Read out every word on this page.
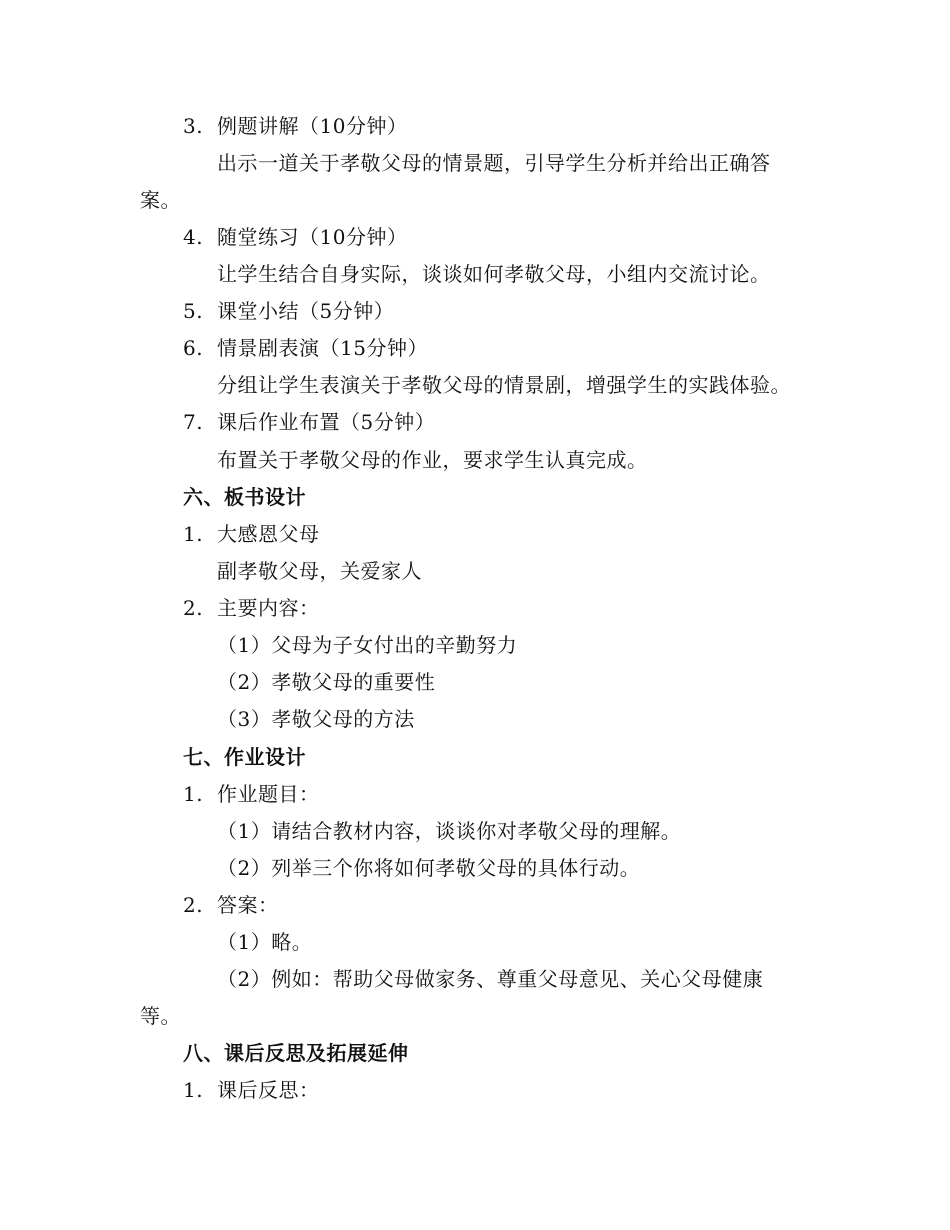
3. 例题讲解（10分钟）
出示一道关于孝敬父母的情景题，引导学生分析并给出正确答
案。
4. 随堂练习（10分钟）
让学生结合自身实际，谈谈如何孝敬父母，小组内交流讨论。
5. 课堂小结（5分钟）
6. 情景剧表演（15分钟）
分组让学生表演关于孝敬父母的情景剧，增强学生的实践体验。
7. 课后作业布置（5分钟）
布置关于孝敬父母的作业，要求学生认真完成。
六、板书设计
1. 大感恩父母
副孝敬父母，关爱家人
2. 主要内容：
（1）父母为子女付出的辛勤努力
（2）孝敬父母的重要性
（3）孝敬父母的方法
七、作业设计
1. 作业题目：
（1）请结合教材内容，谈谈你对孝敬父母的理解。
（2）列举三个你将如何孝敬父母的具体行动。
2. 答案：
（1）略。
（2）例如：帮助父母做家务、尊重父母意见、关心父母健康
等。
八、课后反思及拓展延伸
1. 课后反思：
